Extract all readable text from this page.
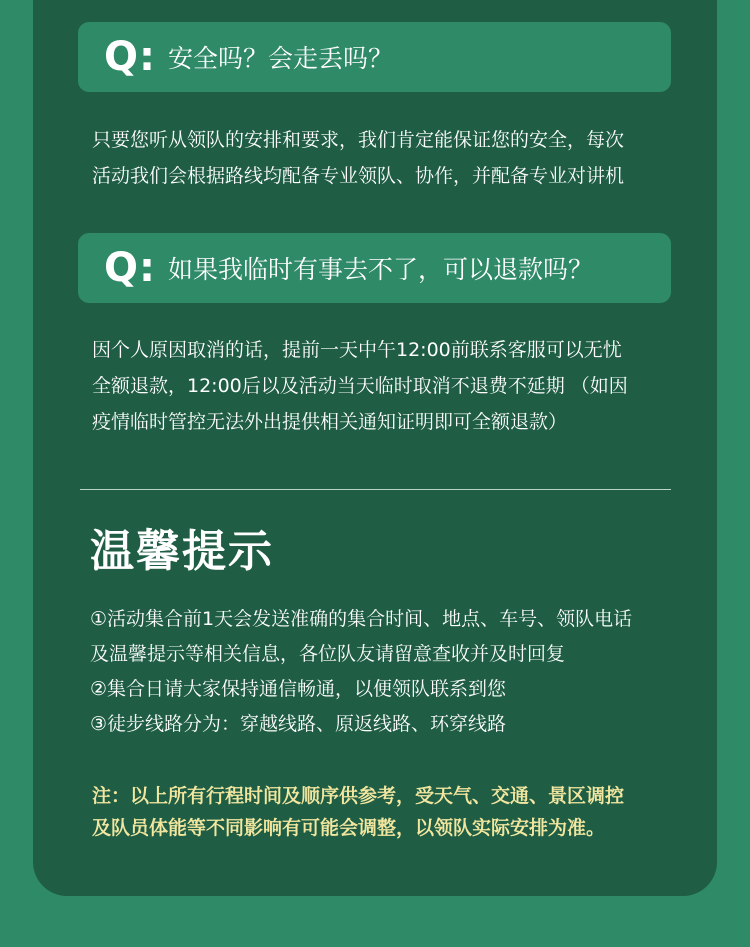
Q: 安全吗？会走丢吗？

只要您听从领队的安排和要求，我们肯定能保证您的安全，每次
活动我们会根据路线均配备专业领队、协作，并配备专业对讲机

Q: 如果我临时有事去不了，可以退款吗？

因个人原因取消的话，提前一天中午12:00前联系客服可以无忧
全额退款，12:00后以及活动当天临时取消不退费不延期 （如因
疫情临时管控无法外出提供相关通知证明即可全额退款）

温馨提示
①活动集合前1天会发送准确的集合时间、地点、车号、领队电话
及温馨提示等相关信息，各位队友请留意查收并及时回复
②集合日请大家保持通信畅通，以便领队联系到您
③徒步线路分为：穿越线路、原返线路、环穿线路

注：以上所有行程时间及顺序供参考，受天气、交通、景区调控
及队员体能等不同影响有可能会调整，以领队实际安排为准。
